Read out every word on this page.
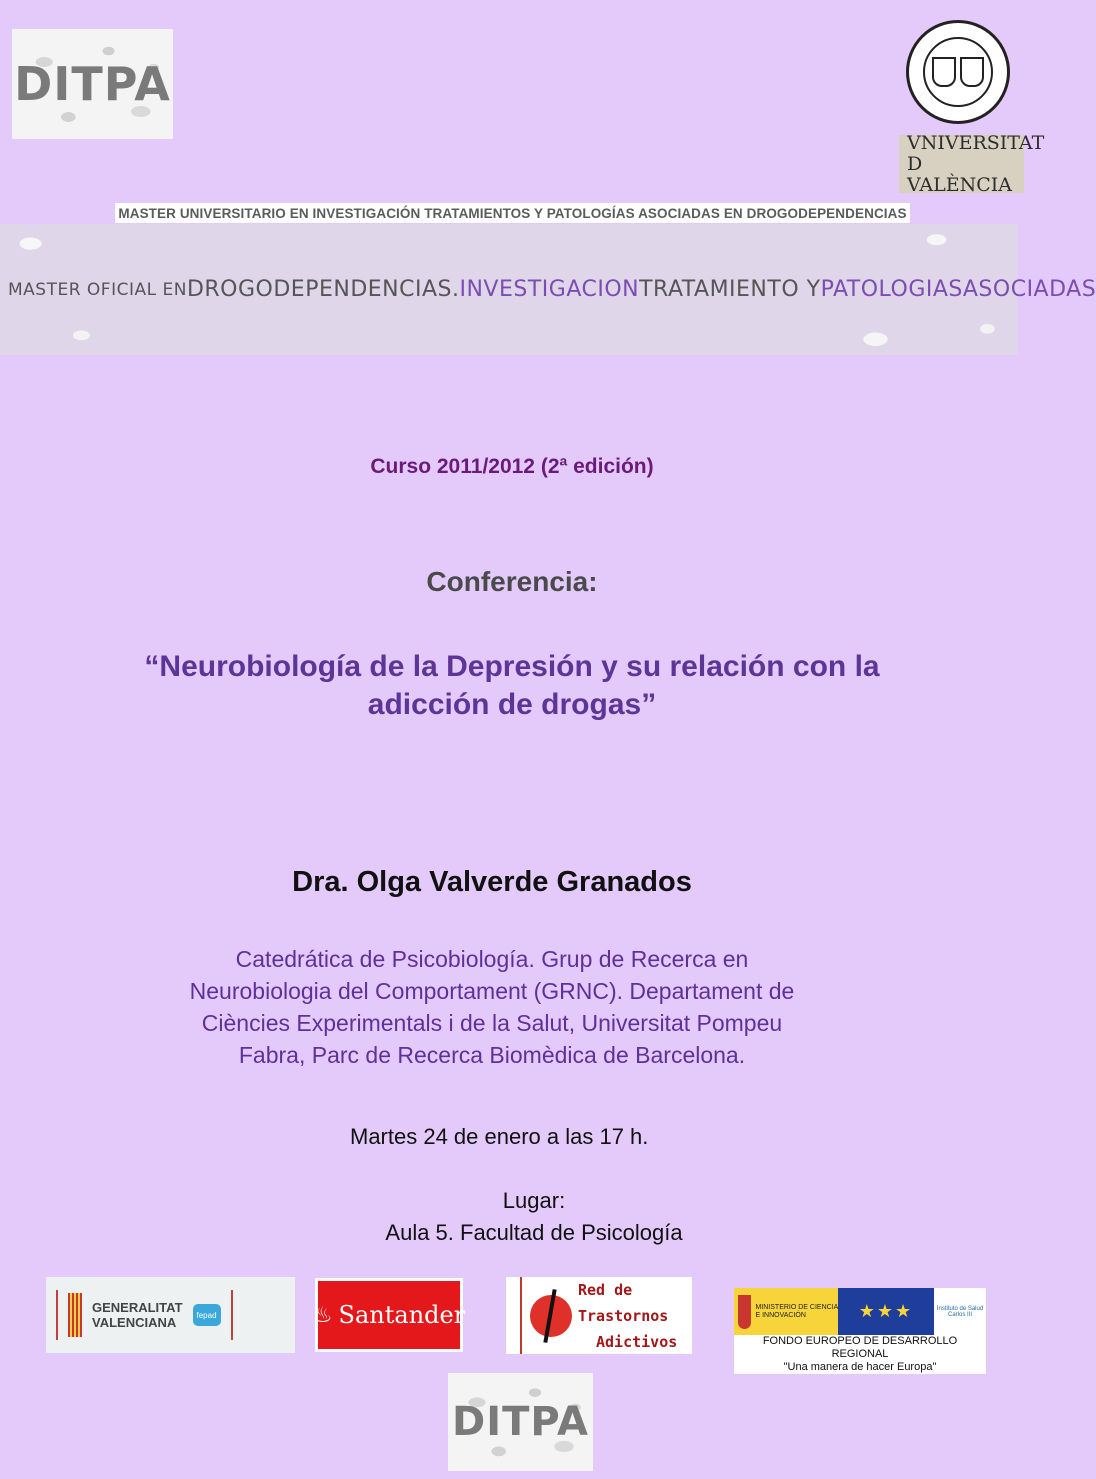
DITPA
VNIVERSITAT
D VALÈNCIA
MASTER UNIVERSITARIO EN INVESTIGACIÓN TRATAMIENTOS Y PATOLOGÍAS ASOCIADAS EN DROGODEPENDENCIAS
MASTER OFICIAL EN DROGODEPENDENCIAS. INVESTIGACION TRATAMIENTO Y PATOLOGIAS ASOCIADAS
Curso 2011/2012 (2ª edición)
Conferencia:
“Neurobiología de la Depresión y su relación con la
adicción de drogas”
Dra. Olga Valverde Granados
Catedrática de Psicobiología. Grup de Recerca en
Neurobiologia del Comportament (GRNC). Departament de
Ciències Experimentals i de la Salut, Universitat Pompeu
Fabra, Parc de Recerca Biomèdica de Barcelona.
Martes 24 de enero a las 17 h.
Lugar:
Aula 5. Facultad de Psicología
GENERALITAT
VALENCIANA	fepad	♨ Santander
Red de
Trastornos
Adictivos
MINISTERIO DE CIENCIA E INNOVACIÓN	★★★	Instituto de Salud Carlos III
FONDO EUROPEO DE DESARROLLO REGIONAL
"Una manera de hacer Europa"
DITPA
